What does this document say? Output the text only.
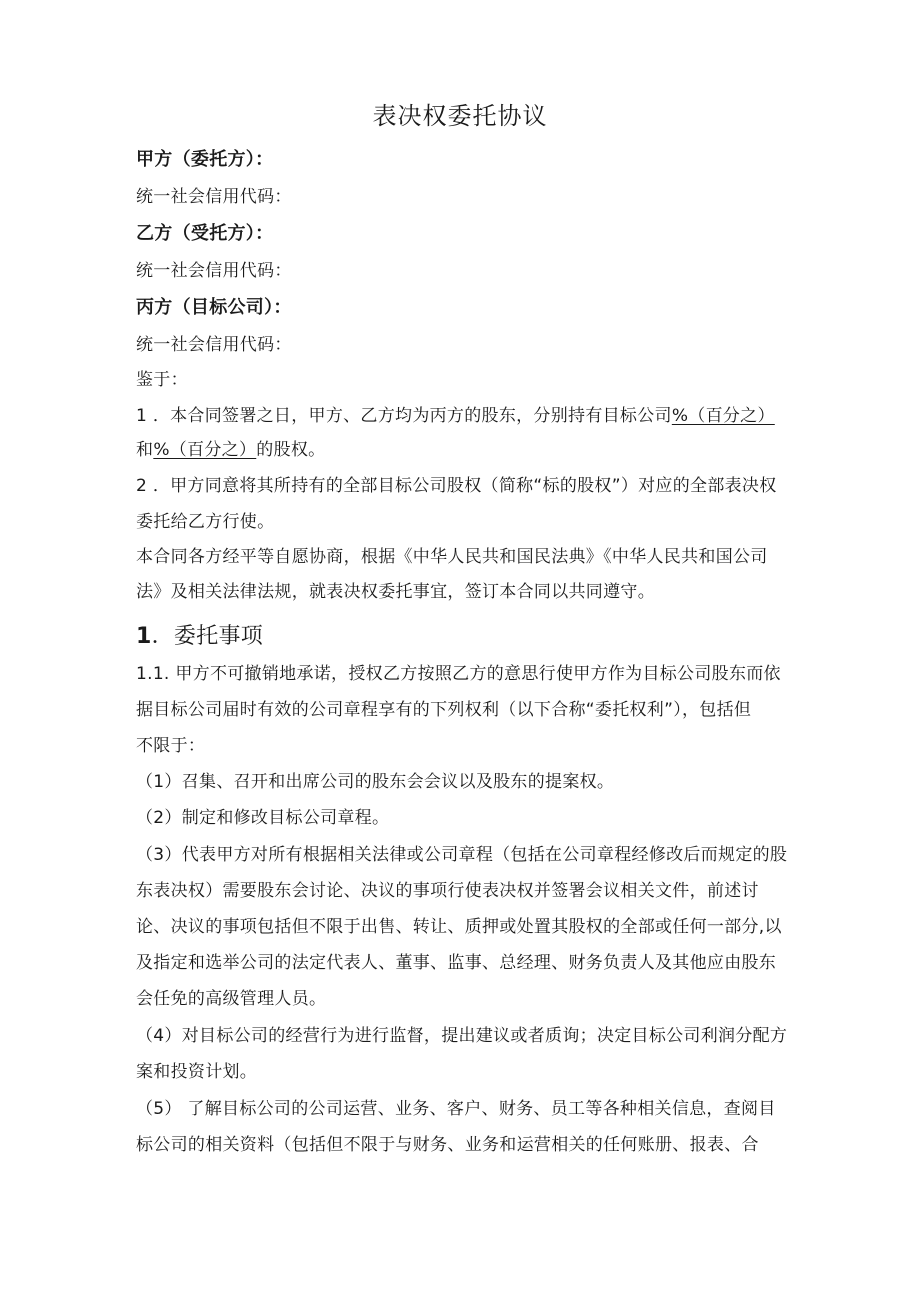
表决权委托协议

甲方（委托方）：

统一社会信用代码：

乙方（受托方）：

统一社会信用代码：

丙方（目标公司）：

统一社会信用代码：

鉴于：

1 ．本合同签署之日，甲方、乙方均为丙方的股东，分别持有目标公司%（百分之）

和%（百分之）的股权。

2 ．甲方同意将其所持有的全部目标公司股权（简称“标的股权”）对应的全部表决权

委托给乙方行使。

本合同各方经平等自愿协商，根据《中华人民共和国民法典》《中华人民共和国公司

法》及相关法律法规，就表决权委托事宜，签订本合同以共同遵守。

1．委托事项

1.1. 甲方不可撤销地承诺，授权乙方按照乙方的意思行使甲方作为目标公司股东而依

据目标公司届时有效的公司章程享有的下列权利（以下合称“委托权利”），包括但

不限于：

（1）召集、召开和出席公司的股东会会议以及股东的提案权。

（2）制定和修改目标公司章程。

（3）代表甲方对所有根据相关法律或公司章程（包括在公司章程经修改后而规定的股

东表决权）需要股东会讨论、决议的事项行使表决权并签署会议相关文件，前述讨

论、决议的事项包括但不限于出售、转让、质押或处置其股权的全部或任何一部分,以

及指定和选举公司的法定代表人、董事、监事、总经理、财务负责人及其他应由股东

会任免的高级管理人员。

（4）对目标公司的经营行为进行监督，提出建议或者质询；决定目标公司利润分配方

案和投资计划。

（5） 了解目标公司的公司运营、业务、客户、财务、员工等各种相关信息，查阅目

标公司的相关资料（包括但不限于与财务、业务和运营相关的任何账册、报表、合
